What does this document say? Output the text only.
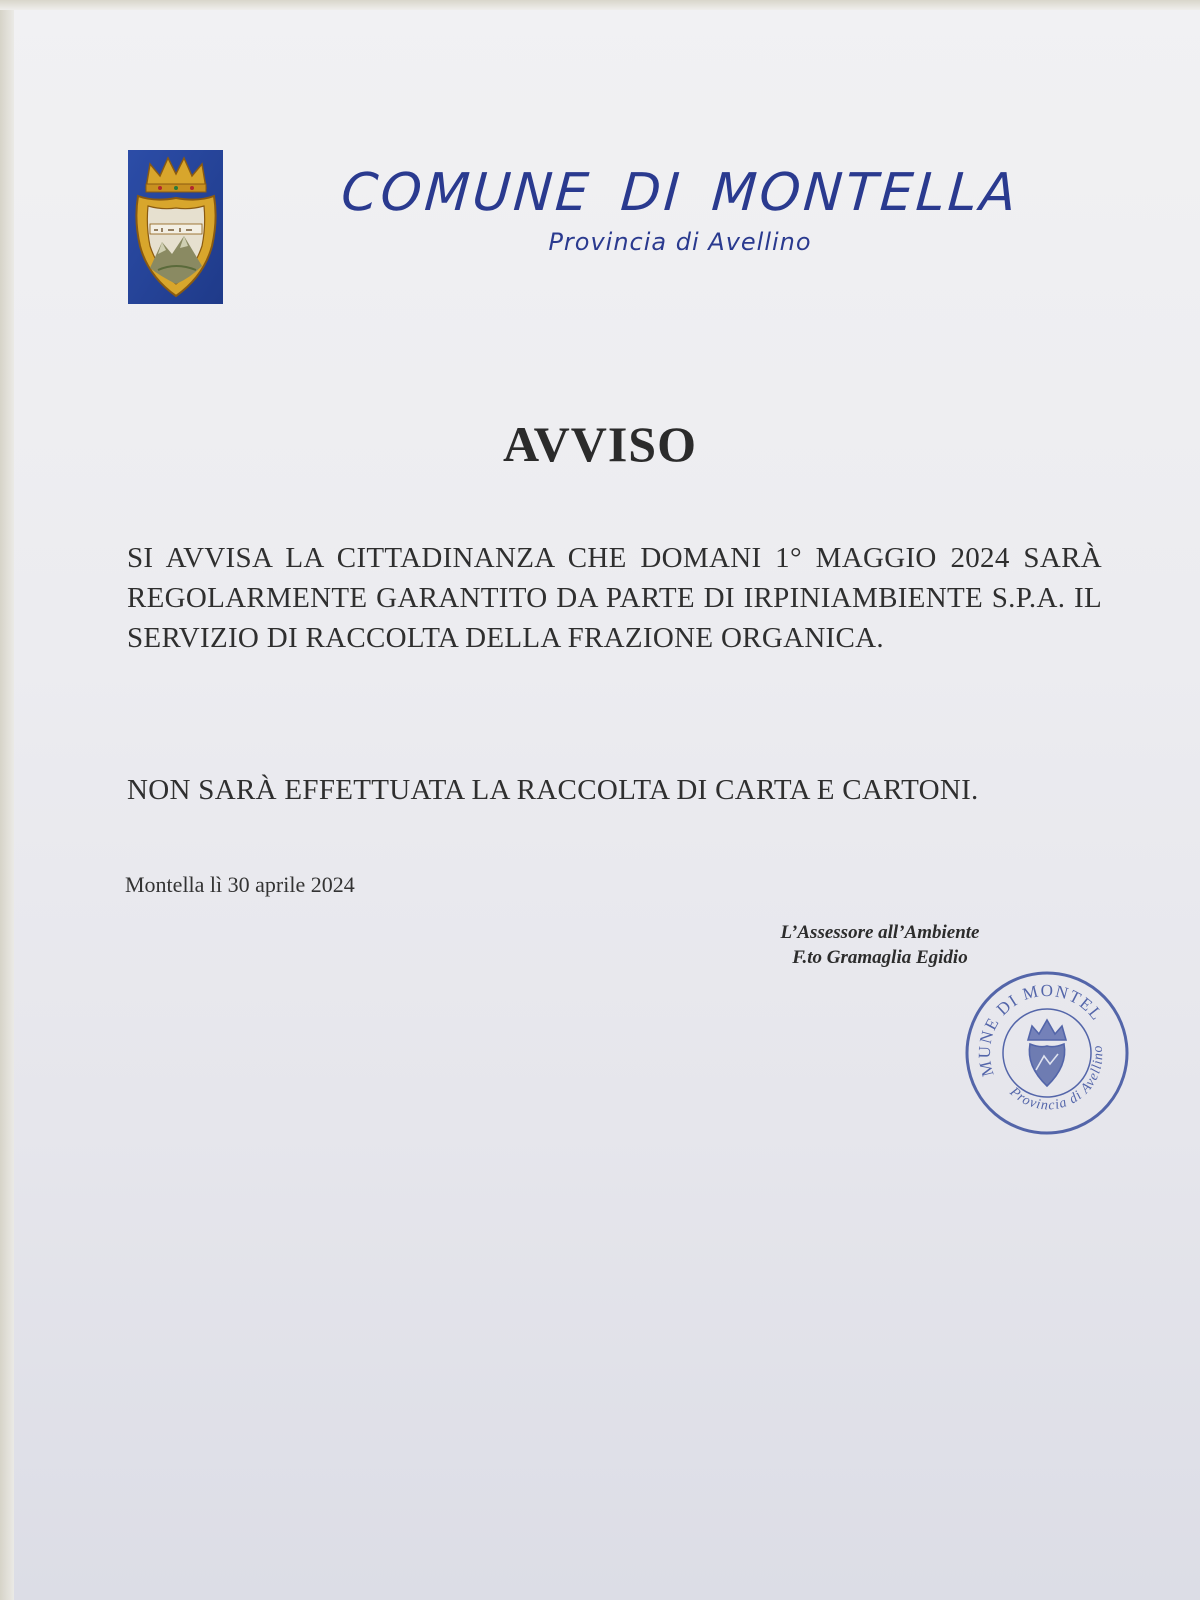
COMUNE DI MONTELLA
Provincia di Avellino
AVVISO
SI AVVISA LA CITTADINANZA CHE DOMANI 1° MAGGIO 2024 SARÀ REGOLARMENTE GARANTITO DA PARTE DI IRPINIAMBIENTE S.P.A. IL SERVIZIO DI RACCOLTA DELLA FRAZIONE ORGANICA.
NON SARÀ EFFETTUATA LA RACCOLTA DI CARTA E CARTONI.
Montella lì 30 aprile 2024
L’Assessore all’Ambiente
F.to Gramaglia Egidio
COMUNE DI MONTELLA
Provincia di Avellino
